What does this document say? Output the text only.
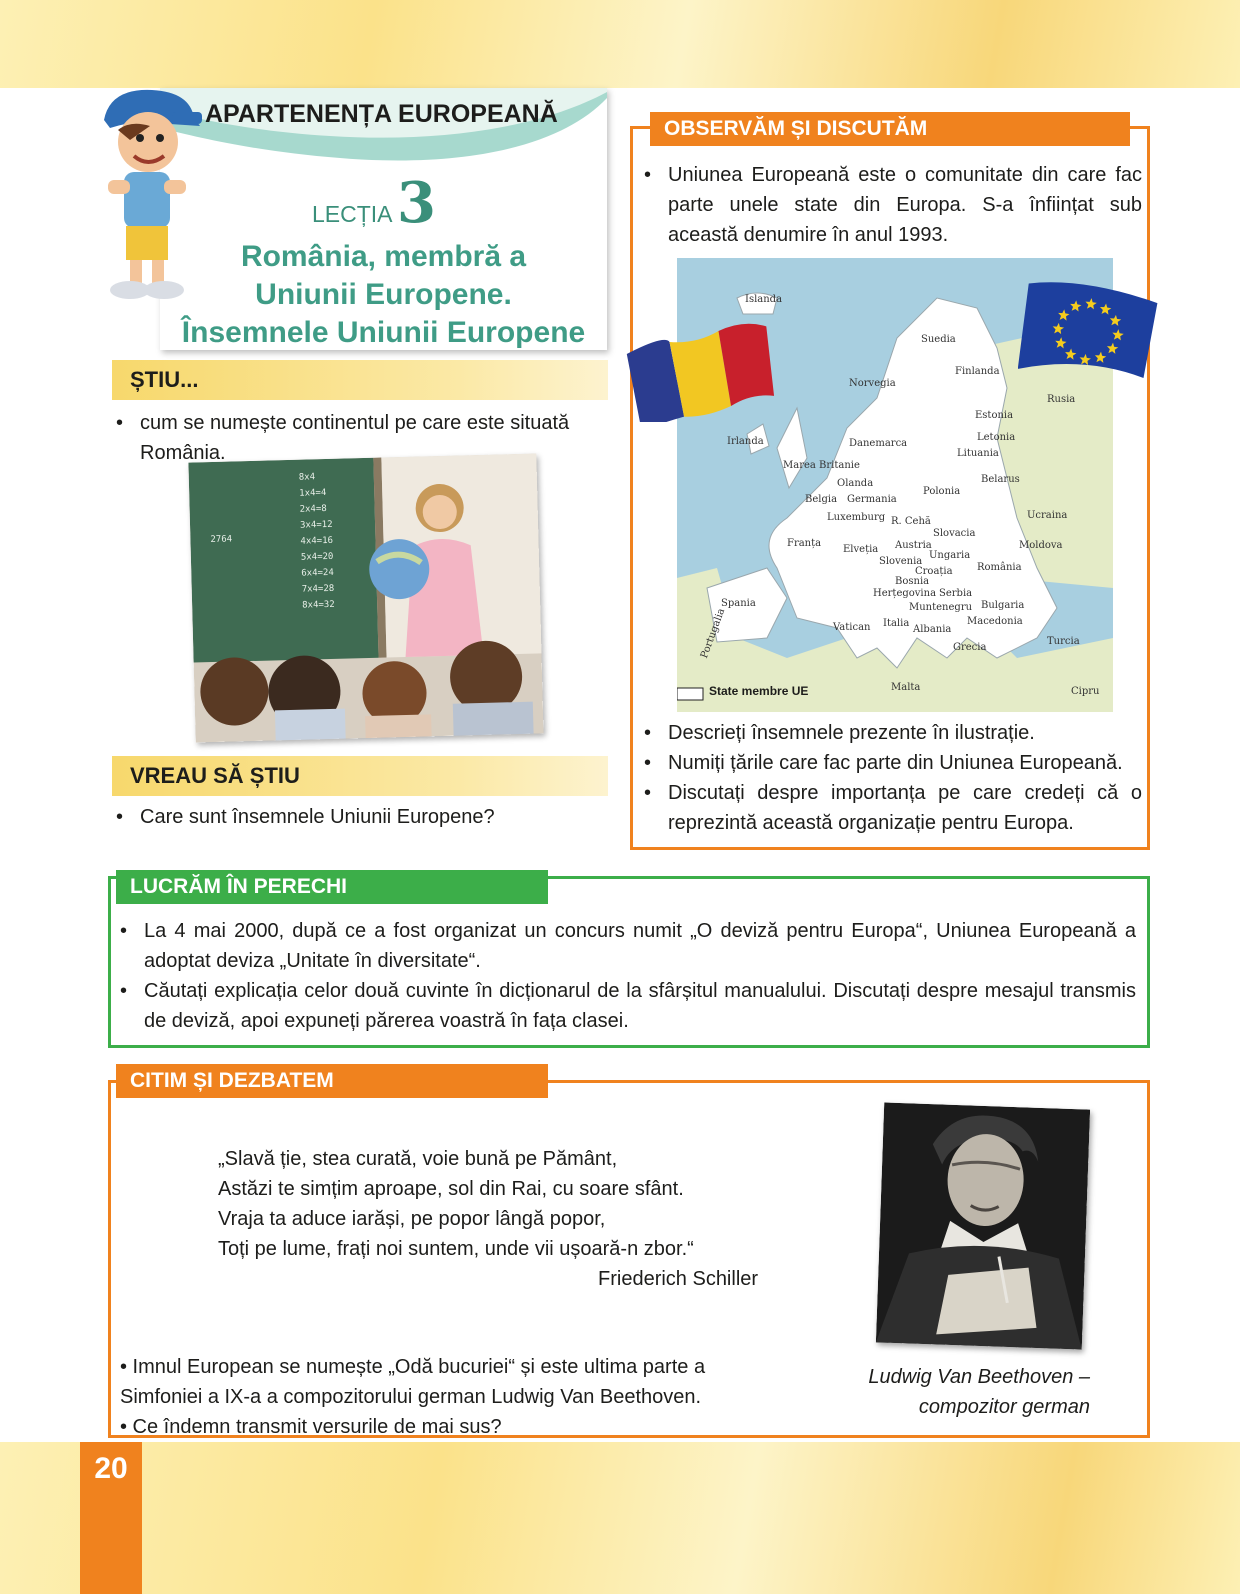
20
APARTENENȚA EUROPEANĂ
LECȚIA 3
România, membră a
Uniunii Europene.
Însemnele Uniunii Europene
ȘTIU...
• cum se numește continentul pe care este situată România.
8x4
1x4=4
2x4=8
3x4=12
4x4=16
5x4=20
6x4=24
7x4=28
8x4=32
2764
VREAU SĂ ȘTIU
• Care sunt însemnele Uniunii Europene?
OBSERVĂM ȘI DISCUTĂM
• Uniunea Europeană este o comunitate din care fac parte unele state din Europa. S-a înființat sub această denumire în anul 1993.
State membre UE
Islanda
Suedia
Finlanda
Norvegia
Rusia
Estonia
Irlanda	Danemarca
Letonia
Lituania
Marea Britanie
Olanda	Belarus
Belgia Germania
Polonia
Luxemburg R. Cehă
Ucraina
Slovacia
Franța	Austria
Elveția	Moldova
Slovenia
Ungaria
Croația România
Bosnia
Herțegovina Serbia
Portugalia
Spania	Muntenegru Bulgaria
Macedonia
Vatican Italia
Albania
Turcia
Grecia
Malta	Cipru
• Descrieți însemnele prezente în ilustrație.
• Numiți țările care fac parte din Uniunea Europeană.
• Discutați despre importanța pe care credeți că o reprezintă această organizație pentru Europa.
LUCRĂM ÎN PERECHI
• La 4 mai 2000, după ce a fost organizat un concurs numit „O deviză pentru Europa“, Uniunea Europeană a adoptat deviza „Unitate în diversitate“.
• Căutați explicația celor două cuvinte în dicționarul de la sfârșitul manualului. Discutați despre mesajul transmis de deviză, apoi expuneți părerea voastră în fața clasei.
CITIM ȘI DEZBATEM
„Slavă ție, stea curată, voie bună pe Pământ,
Astăzi te simțim aproape, sol din Rai, cu soare sfânt.
Vraja ta aduce iarăși, pe popor lângă popor,
Toți pe lume, frați noi suntem, unde vii ușoară-n zbor.“
Friederich Schiller
• Imnul European se numește „Odă bucuriei“ și este ultima parte a
Simfoniei a IX-a a compozitorului german Ludwig Van Beethoven.
• Ce îndemn transmit versurile de mai sus?
Ludwig Van Beethoven –
compozitor german
